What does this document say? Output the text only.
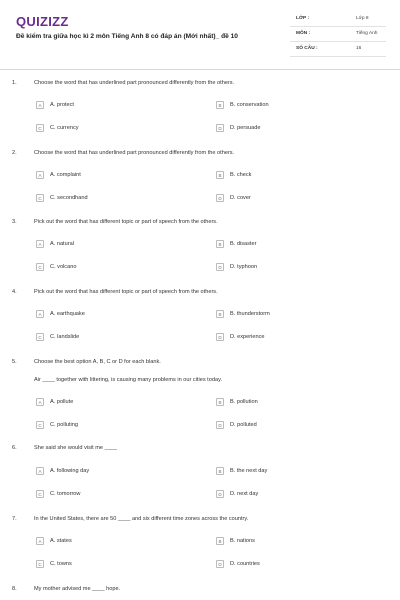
QUIZIZZ
Đề kiểm tra giữa học kì 2 môn Tiếng Anh 8 có đáp án (Mới nhất)_ đề 10
LỚP :	Lớp 8
MÔN :	Tiếng Anh
SỐ CÂU :	16
1.	Choose the word that has underlined part pronounced differently from the others.
A	A. protect	B	B. conservation
C	C. currency	D	D. persuade
2.	Choose the word that has underlined part pronounced differently from the others.
A	A. complaint	B	B. check
C	C. secondhand	D	D. cover
3.	Pick out the word that has different topic or part of speech from the others.
A	A. natural	B	B. disaster
C	C. volcano	D	D. typhoon
4.	Pick out the word that has different topic or part of speech from the others.
A	A. earthquake	B	B. thunderstorm
C	C. landslide	D	D. experience
5.	Choose the best option A, B, C or D for each blank.
Air ____ together with littering, is causing many problems in our cities today.
A	A. pollute	B	B. pollution
C	C. polluting	D	D. polluted
6.	She said she would visit me ____
A	A. following day	B	B. the next day
C	C. tomorrow	D	D. next day
7.	In the United States, there are 50 ____ and six different time zones across the country.
A	A. states	B	B. nations
C	C. towns	D	D. countries
8.	My mother advised me ____ hope.
